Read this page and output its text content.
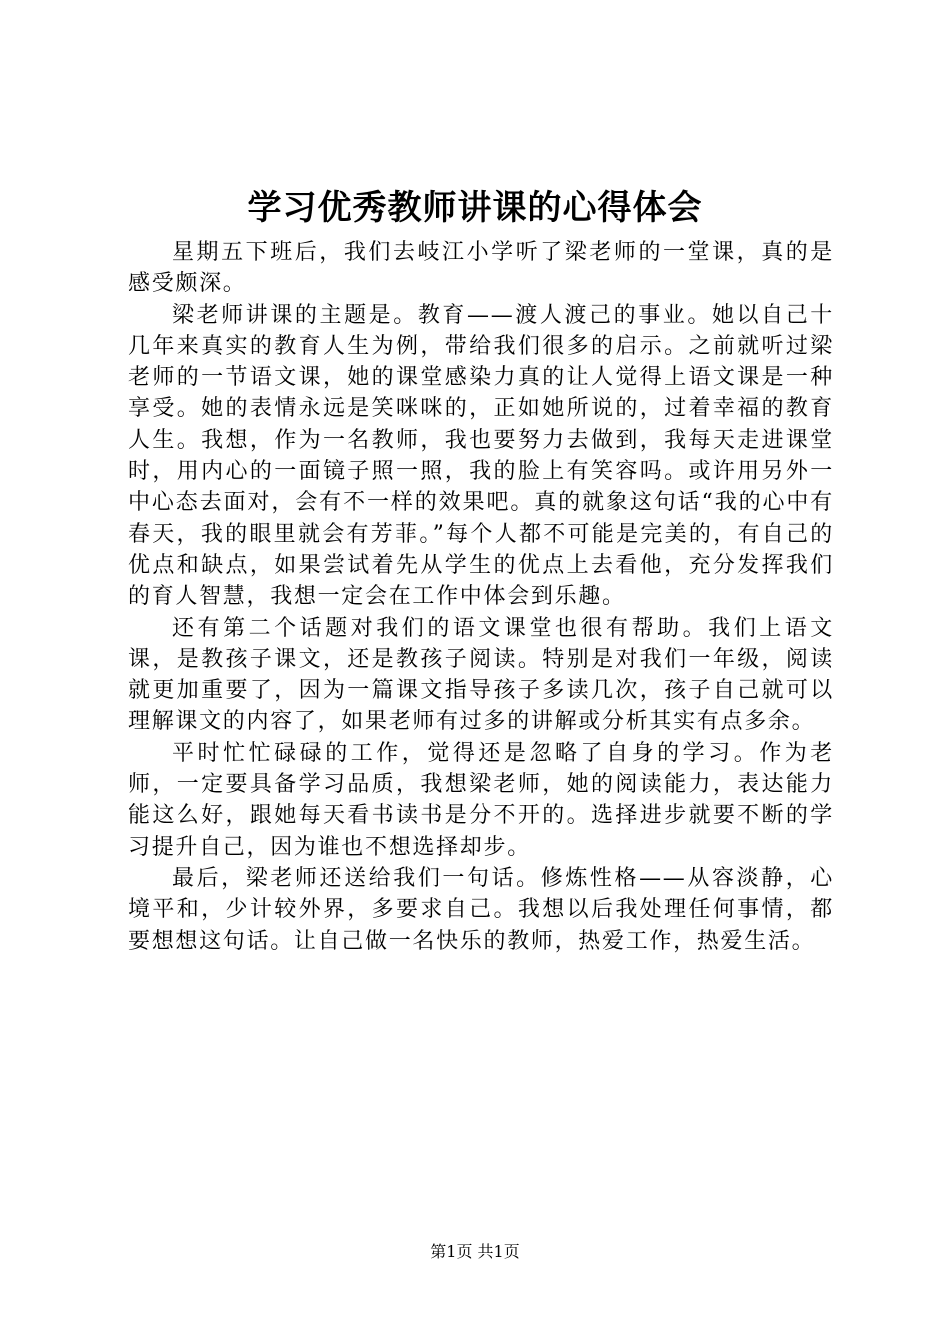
学习优秀教师讲课的心得体会

星期五下班后，我们去岐江小学听了梁老师的一堂课，真的是感受颇深。

梁老师讲课的主题是。教育——渡人渡己的事业。她以自己十几年来真实的教育人生为例，带给我们很多的启示。之前就听过梁老师的一节语文课，她的课堂感染力真的让人觉得上语文课是一种享受。她的表情永远是笑咪咪的，正如她所说的，过着幸福的教育人生。我想，作为一名教师，我也要努力去做到，我每天走进课堂时，用内心的一面镜子照一照，我的脸上有笑容吗。或许用另外一中心态去面对，会有不一样的效果吧。真的就象这句话“我的心中有春天，我的眼里就会有芳菲。”每个人都不可能是完美的，有自己的优点和缺点，如果尝试着先从学生的优点上去看他，充分发挥我们的育人智慧，我想一定会在工作中体会到乐趣。

还有第二个话题对我们的语文课堂也很有帮助。我们上语文课，是教孩子课文，还是教孩子阅读。特别是对我们一年级，阅读就更加重要了，因为一篇课文指导孩子多读几次，孩子自己就可以理解课文的内容了，如果老师有过多的讲解或分析其实有点多余。

平时忙忙碌碌的工作，觉得还是忽略了自身的学习。作为老师，一定要具备学习品质，我想梁老师，她的阅读能力，表达能力能这么好，跟她每天看书读书是分不开的。选择进步就要不断的学习提升自己，因为谁也不想选择却步。

最后，梁老师还送给我们一句话。修炼性格——从容淡静，心境平和，少计较外界，多要求自己。我想以后我处理任何事情，都要想想这句话。让自己做一名快乐的教师，热爱工作，热爱生活。

第1页 共1页
